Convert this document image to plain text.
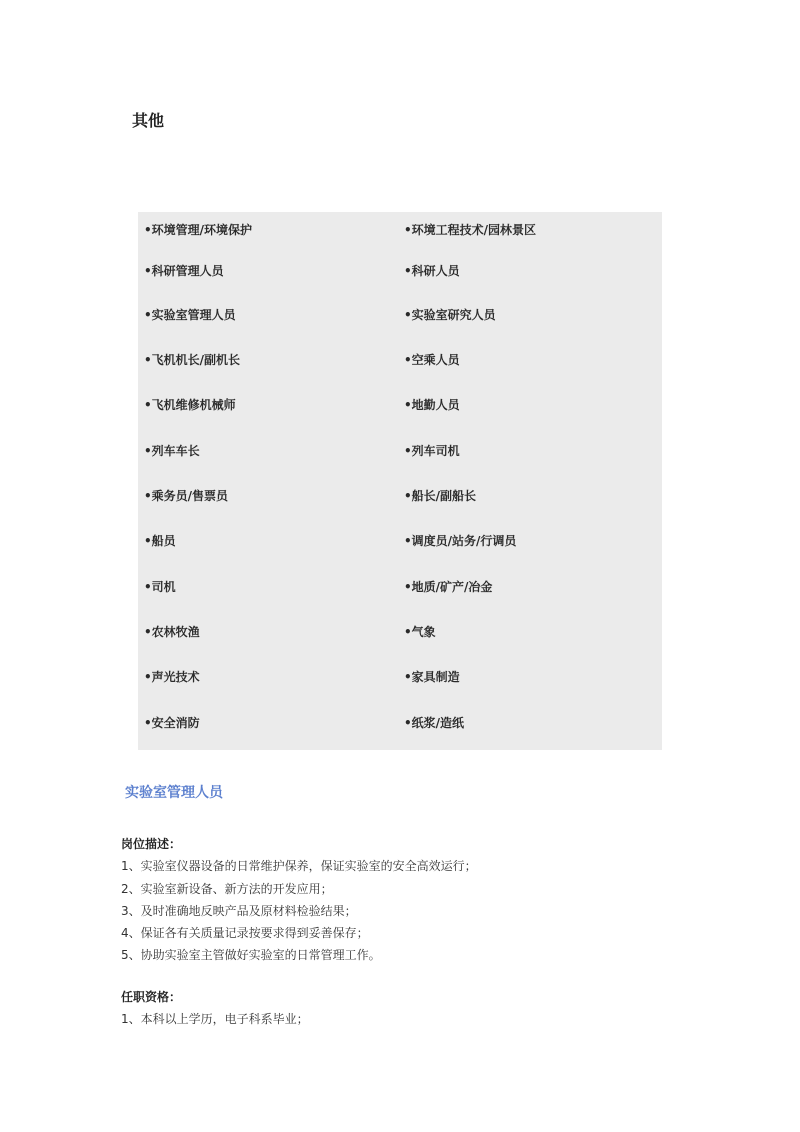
其他
•环境管理/环境保护
•科研管理人员
•实验室管理人员
•飞机机长/副机长
•飞机维修机械师
•列车车长
•乘务员/售票员
•船员
•司机
•农林牧渔
•声光技术
•安全消防
•环境工程技术/园林景区
•科研人员
•实验室研究人员
•空乘人员
•地勤人员
•列车司机
•船长/副船长
•调度员/站务/行调员
•地质/矿产/冶金
•气象
•家具制造
•纸浆/造纸
实验室管理人员
岗位描述：
1、实验室仪器设备的日常维护保养，保证实验室的安全高效运行；
2、实验室新设备、新方法的开发应用；
3、及时准确地反映产品及原材料检验结果；
4、保证各有关质量记录按要求得到妥善保存；
5、协助实验室主管做好实验室的日常管理工作。
任职资格：
1、本科以上学历，电子科系毕业；
